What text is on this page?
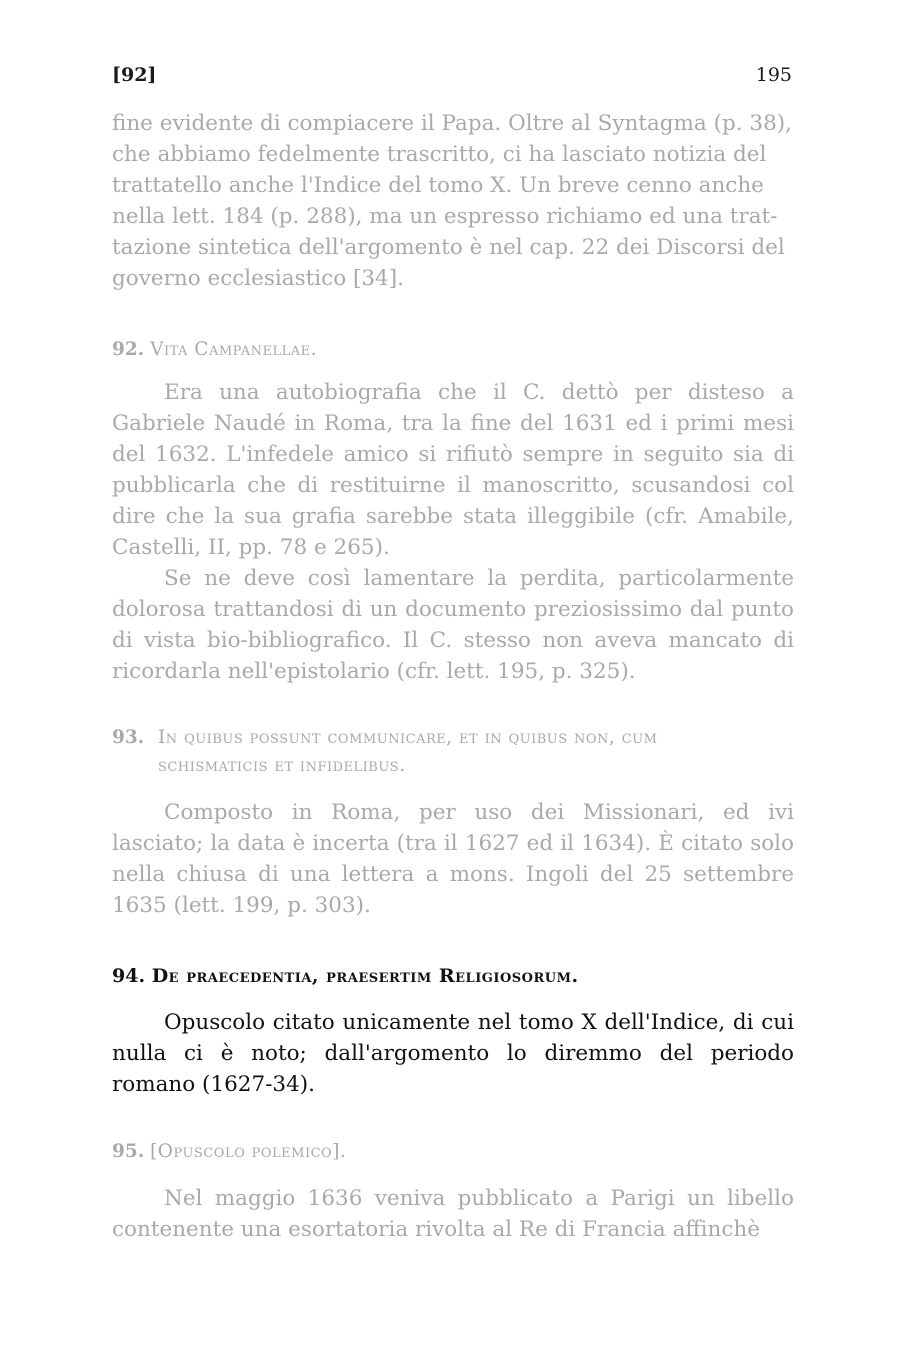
[92]	195
fine evidente di compiacere il Papa. Oltre al Syntagma (p. 38),
che abbiamo fedelmente trascritto, ci ha lasciato notizia del
trattatello anche l'Indice del tomo X. Un breve cenno anche
nella lett. 184 (p. 288), ma un espresso richiamo ed una trat-
tazione sintetica dell'argomento è nel cap. 22 dei Discorsi del
governo ecclesiastico [34].
92. Vita Campanellae.

Era una autobiografia che il C. dettò per disteso a Gabriele Naudé in Roma, tra la fine del 1631 ed i primi mesi del 1632. L'infedele amico si rifiutò sempre in seguito sia di pubblicarla che di restituirne il manoscritto, scusandosi col dire che la sua grafia sarebbe stata illeggibile (cfr. Amabile, Castelli, II, pp. 78 e 265).

Se ne deve così lamentare la perdita, particolarmente dolorosa trattandosi di un documento preziosissimo dal punto di vista bio-bibliografico. Il C. stesso non aveva mancato di ricordarla nell'epistolario (cfr. lett. 195, p. 325).

93. In quibus possunt communicare, et in quibus non, cum
schismaticis et infidelibus.

Composto in Roma, per uso dei Missionari, ed ivi lasciato; la data è incerta (tra il 1627 ed il 1634). È citato solo nella chiusa di una lettera a mons. Ingoli del 25 settembre 1635 (lett. 199, p. 303).

94. De praecedentia, praesertim Religiosorum.

Opuscolo citato unicamente nel tomo X dell'Indice, di cui nulla ci è noto; dall'argomento lo diremmo del periodo romano (1627-34).

95. [Opuscolo polemico].

Nel maggio 1636 veniva pubblicato a Parigi un libello contenente una esortatoria rivolta al Re di Francia affinchè
